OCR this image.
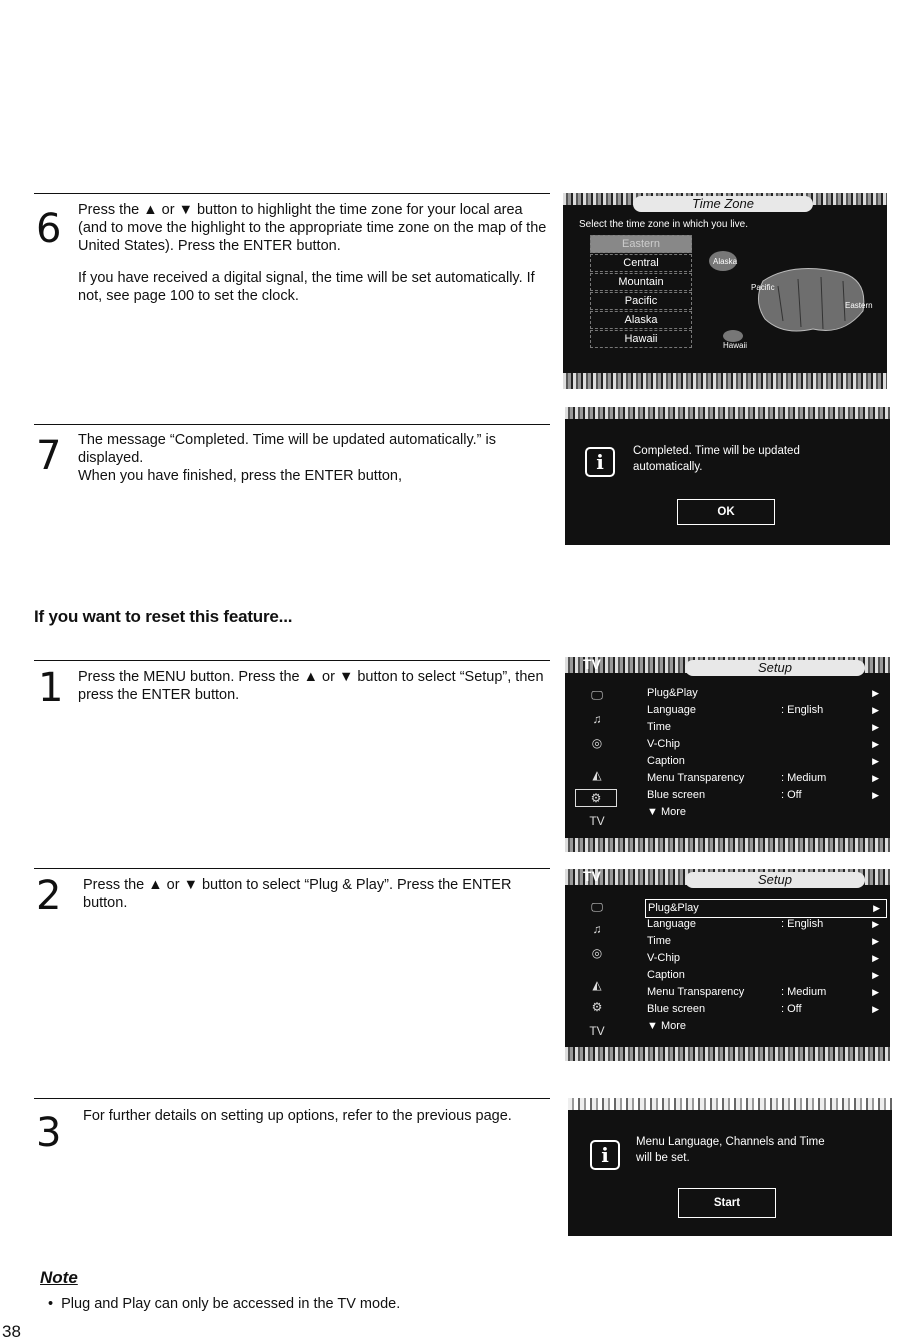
6 Press the ▲ or ▼ button to highlight the time zone for your local area (and to move the highlight to the appropriate time zone on the map of the United States). Press the ENTER button.

If you have received a digital signal, the time will be set automatically. If not, see page 100 to set the clock.

7 The message “Completed. Time will be updated automatically.” is displayed.
When you have finished, press the ENTER button,

If you want to reset this feature...
1 Press the MENU button. Press the ▲ or ▼ button to select “Setup”, then press the ENTER button.

2 Press the ▲ or ▼ button to select “Plug & Play”. Press the ENTER button.

3 For further details on setting up options, refer to the previous page.

Note
•  Plug and Play can only be accessed in the TV mode.
38
Time Zone
Select the time zone in which you live.
Eastern
Central
Mountain
Pacific
Alaska
Hawaii
Alaska
Pacific
Eastern
Hawaii
i	Completed. Time will be updated automatically.
OK
TV	Setup
🖵
♫
◎
◭
⚙
TV
Plug&Play	▶
Language	: English	▶
Time	▶
V-Chip	▶
Caption	▶
Menu Transparency	: Medium	▶
Blue screen	: Off	▶
▼ More
TV	Setup
🖵
♫
◎
◭
⚙
TV
Plug&Play	▶
Language	: English	▶
Time	▶
V-Chip	▶
Caption	▶
Menu Transparency	: Medium	▶
Blue screen	: Off	▶
▼ More
i
Menu Language, Channels and Time will be set.
Start
